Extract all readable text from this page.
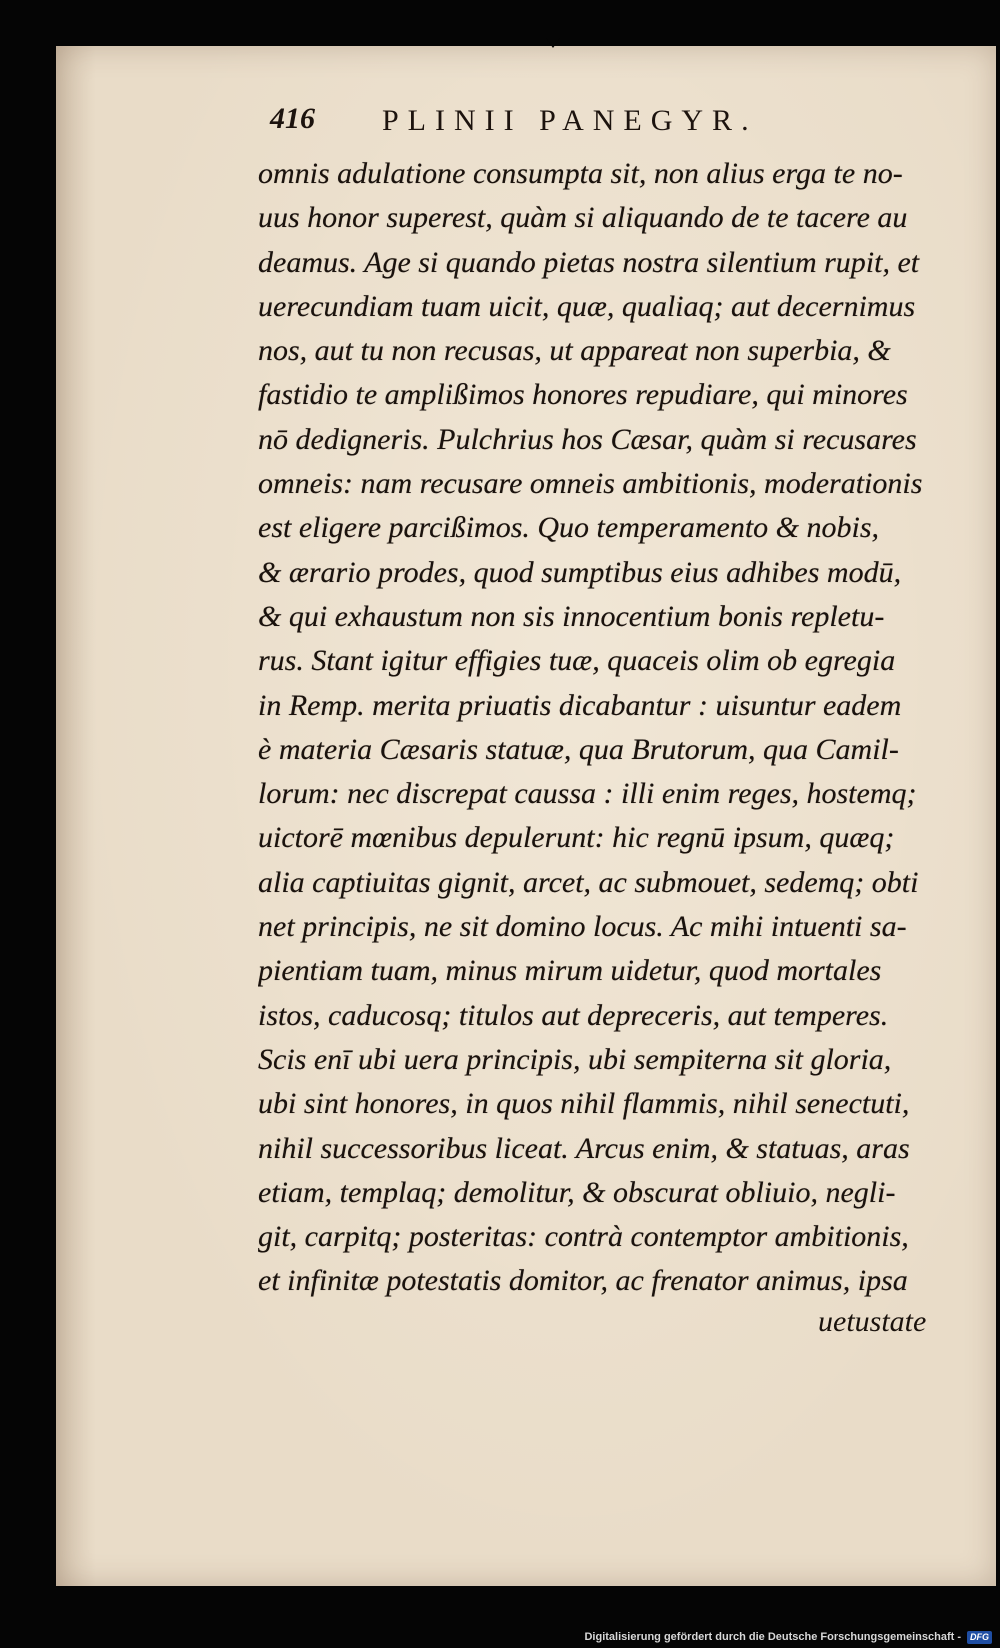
416 PLINII PANEGYR.
omnis adulatione consumpta sit, non alius erga te no-
uus honor superest, quàm si aliquando de te tacere au
deamus. Age si quando pietas nostra silentium rupit, et
uerecundiam tuam uicit, quæ, qualiaq; aut decernimus
nos, aut tu non recusas, ut appareat non superbia, &
fastidio te amplißimos honores repudiare, qui minores
nō dedigneris. Pulchrius hos Cæsar, quàm si recusares
omneis: nam recusare omneis ambitionis, moderationis
est eligere parcißimos. Quo temperamento & nobis,
& ærario prodes, quod sumptibus eius adhibes modū,
& qui exhaustum non sis innocentium bonis repletu-
rus. Stant igitur effigies tuæ, quaceis olim ob egregia
in Remp. merita priuatis dicabantur : uisuntur eadem
è materia Cæsaris statuæ, qua Brutorum, qua Camil-
lorum: nec discrepat caussa : illi enim reges, hostemq;
uictorē mœnibus depulerunt: hic regnū ipsum, quæq;
alia captiuitas gignit, arcet, ac submouet, sedemq; obti
net principis, ne sit domino locus. Ac mihi intuenti sa-
pientiam tuam, minus mirum uidetur, quod mortales
istos, caducosq; titulos aut depreceris, aut temperes.
Scis enī ubi uera principis, ubi sempiterna sit gloria,
ubi sint honores, in quos nihil flammis, nihil senectuti,
nihil successoribus liceat. Arcus enim, & statuas, aras
etiam, templaq; demolitur, & obscurat obliuio, negli-
git, carpitq; posteritas: contrà contemptor ambitionis,
et infinitæ potestatis domitor, ac frenator animus, ipsa
uetustate
Digitalisierung gefördert durch die Deutsche Forschungsgemeinschaft -	DFG
